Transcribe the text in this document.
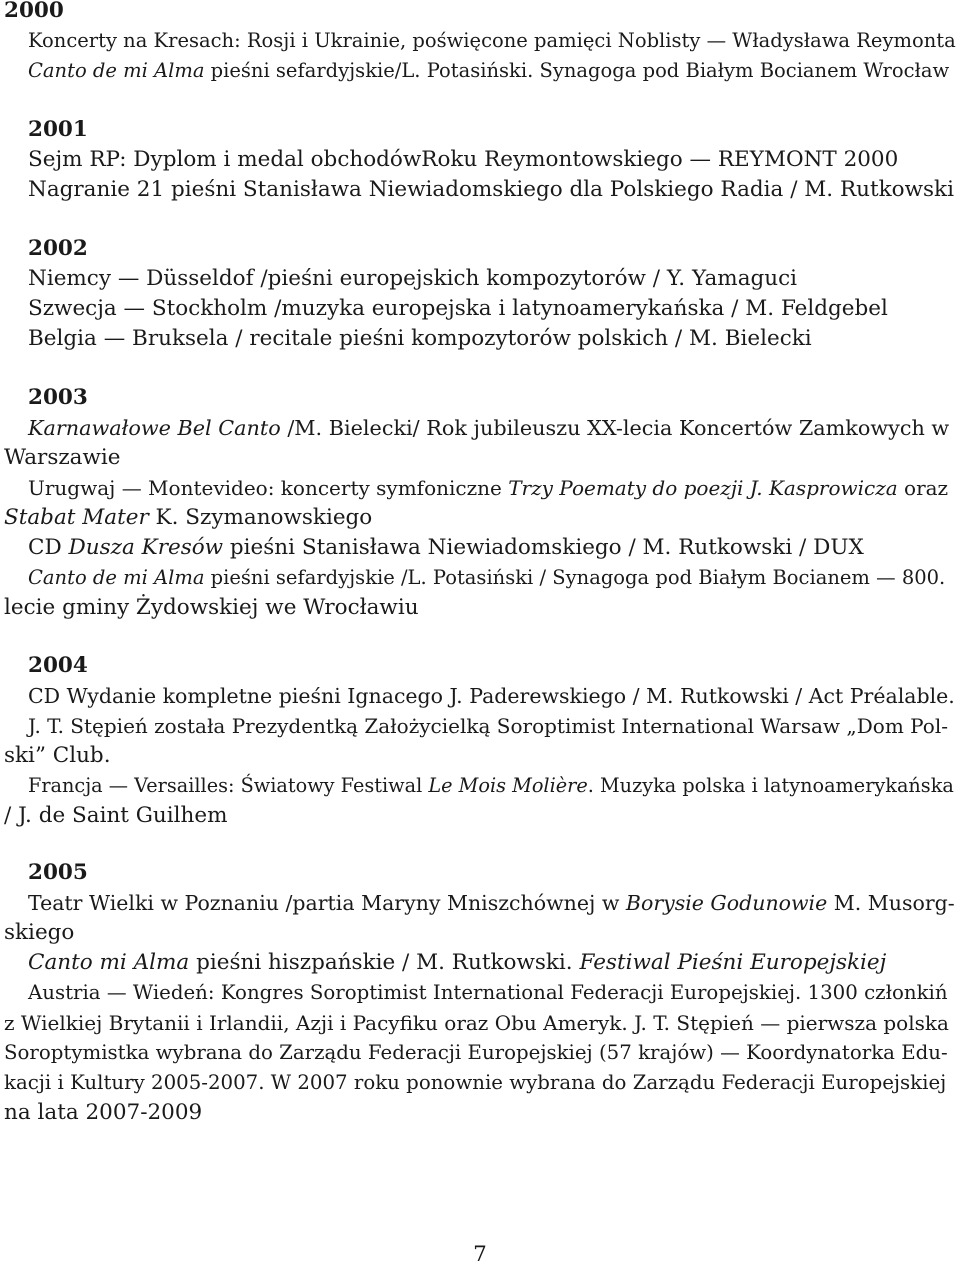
2000
Koncerty na Kresach: Rosji i Ukrainie, poświęcone pamięci Noblisty — Władysława Reymonta
Canto de mi Alma pieśni sefardyjskie/L. Potasiński. Synagoga pod Białym Bocianem Wrocław
2001
Sejm RP: Dyplom i medal obchodówRoku Reymontowskiego — REYMONT 2000
Nagranie 21 pieśni Stanisława Niewiadomskiego dla Polskiego Radia / M. Rutkowski
2002
Niemcy — Düsseldof /pieśni europejskich kompozytorów / Y. Yamaguci
Szwecja — Stockholm /muzyka europejska i latynoamerykańska / M. Feldgebel
Belgia — Bruksela / recitale pieśni kompozytorów polskich / M. Bielecki
2003
Karnawałowe Bel Canto /M. Bielecki/ Rok jubileuszu XX-lecia Koncertów Zamkowych w
Warszawie
Urugwaj — Montevideo: koncerty symfoniczne Trzy Poematy do poezji J. Kasprowicza oraz
Stabat Mater K. Szymanowskiego
CD Dusza Kresów pieśni Stanisława Niewiadomskiego / M. Rutkowski / DUX
Canto de mi Alma pieśni sefardyjskie /L. Potasiński / Synagoga pod Białym Bocianem — 800.
lecie gminy Żydowskiej we Wrocławiu
2004
CD Wydanie kompletne pieśni Ignacego J. Paderewskiego / M. Rutkowski / Act Préalable.
J. T. Stępień została Prezydentką Założycielką Soroptimist International Warsaw „Dom Pol-
ski” Club.
Francja — Versailles: Światowy Festiwal Le Mois Molière. Muzyka polska i latynoamerykańska
/ J. de Saint Guilhem
2005
Teatr Wielki w Poznaniu /partia Maryny Mniszchównej w Borysie Godunowie M. Musorg-
skiego
Canto mi Alma pieśni hiszpańskie / M. Rutkowski. Festiwal Pieśni Europejskiej
Austria — Wiedeń: Kongres Soroptimist International Federacji Europejskiej. 1300 członkiń
z Wielkiej Brytanii i Irlandii, Azji i Pacyfiku oraz Obu Ameryk. J. T. Stępień — pierwsza polska
Soroptymistka wybrana do Zarządu Federacji Europejskiej (57 krajów) — Koordynatorka Edu-
kacji i Kultury 2005-2007. W 2007 roku ponownie wybrana do Zarządu Federacji Europejskiej
na lata 2007-2009
7
